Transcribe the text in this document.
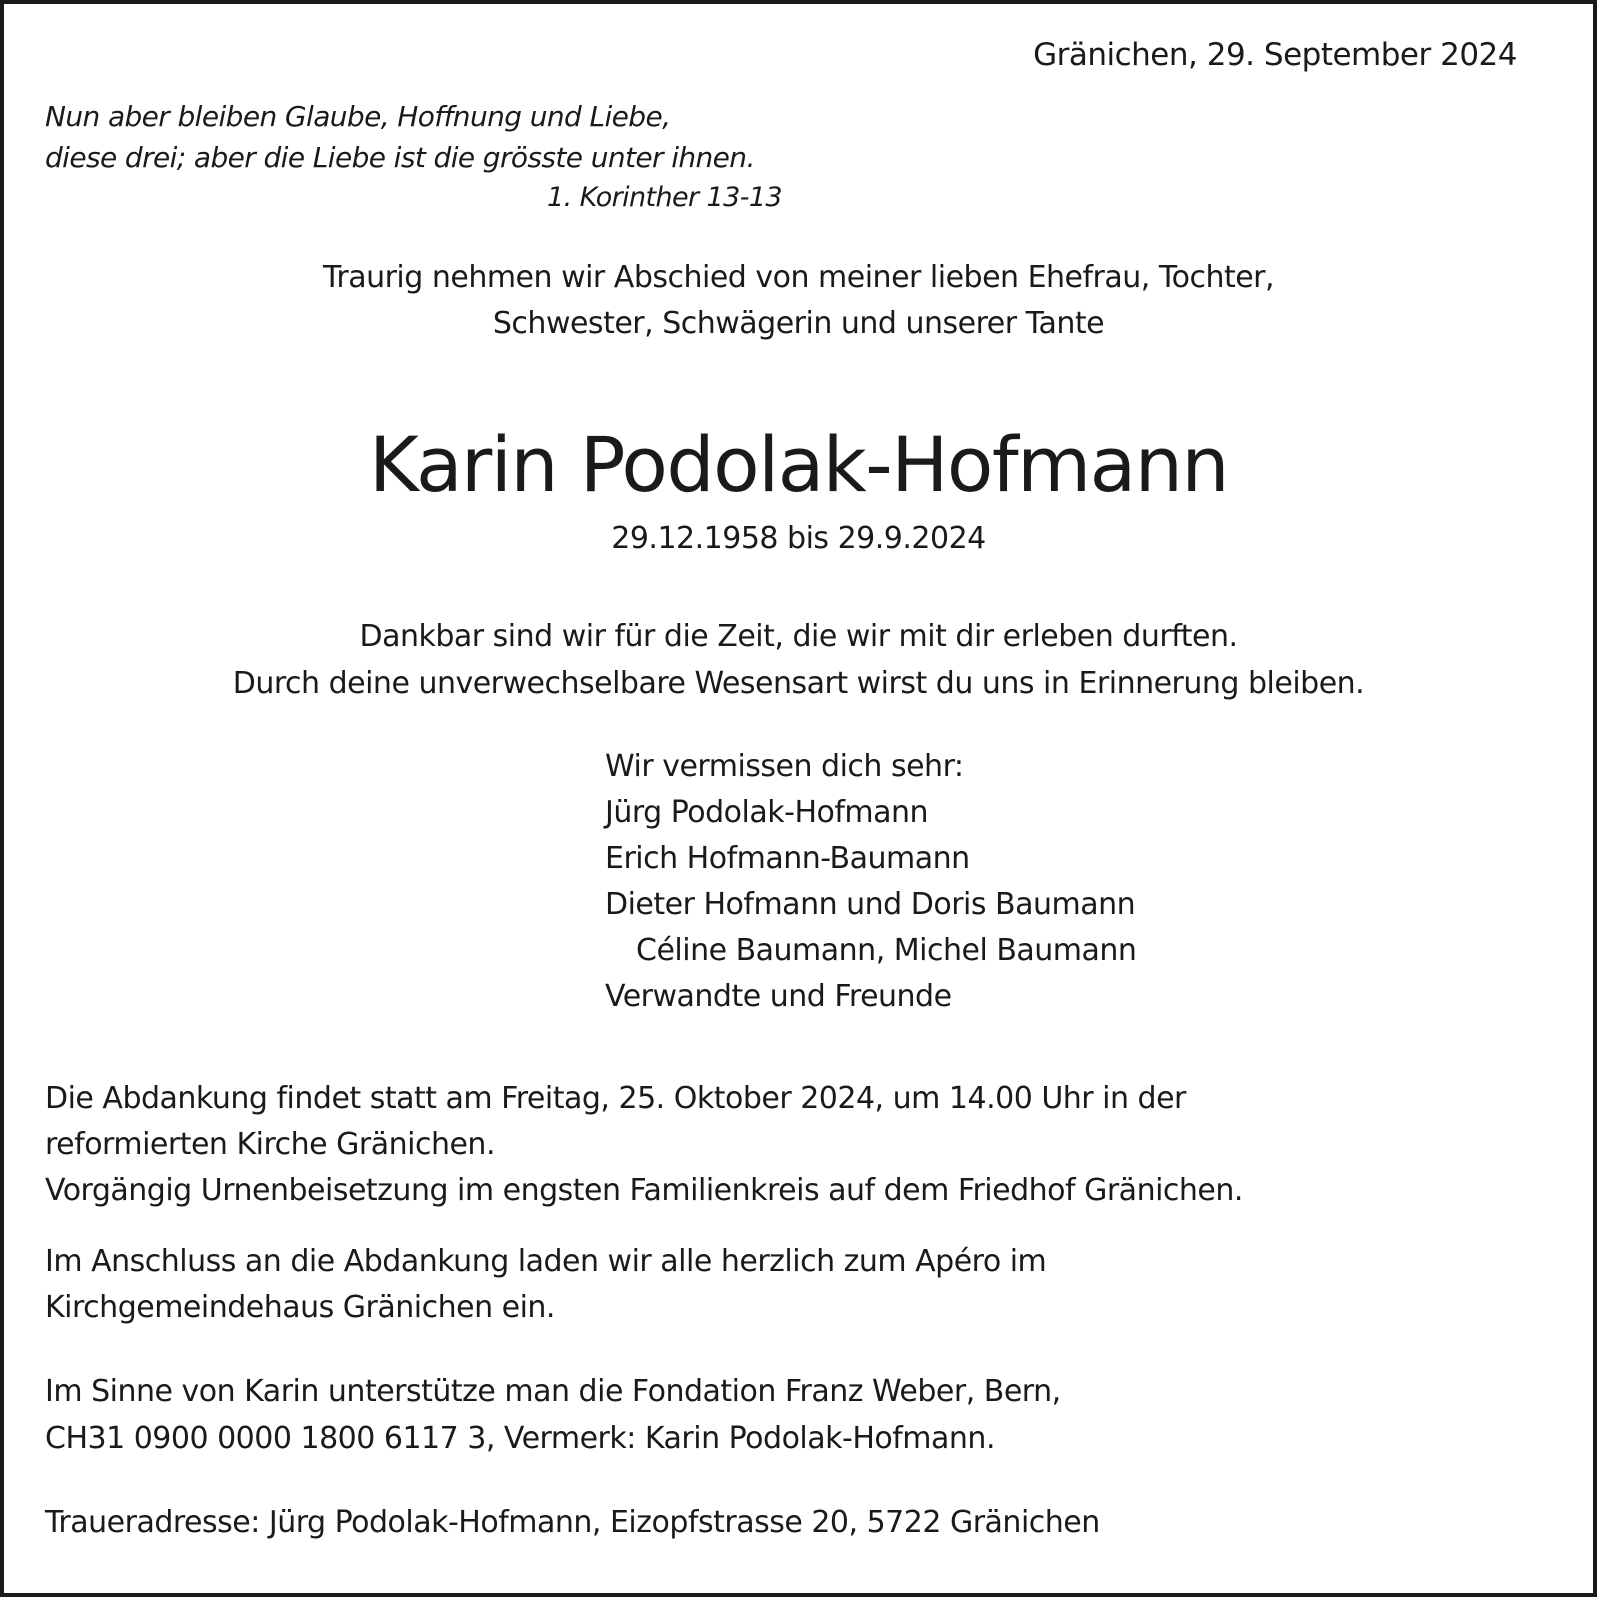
Gränichen, 29. September 2024
Nun aber bleiben Glaube, Hoffnung und Liebe,
diese drei; aber die Liebe ist die grösste unter ihnen.
1. Korinther 13-13
Traurig nehmen wir Abschied von meiner lieben Ehefrau, Tochter,
Schwester, Schwägerin und unserer Tante
Karin Podolak-Hofmann
29.12.1958 bis 29.9.2024
Dankbar sind wir für die Zeit, die wir mit dir erleben durften.
Durch deine unverwechselbare Wesensart wirst du uns in Erinnerung bleiben.
Wir vermissen dich sehr:
Jürg Podolak-Hofmann
Erich Hofmann-Baumann
Dieter Hofmann und Doris Baumann
Céline Baumann, Michel Baumann
Verwandte und Freunde
Die Abdankung findet statt am Freitag, 25. Oktober 2024, um 14.00 Uhr in der
reformierten Kirche Gränichen.
Vorgängig Urnenbeisetzung im engsten Familienkreis auf dem Friedhof Gränichen.
Im Anschluss an die Abdankung laden wir alle herzlich zum Apéro im
Kirchgemeindehaus Gränichen ein.
Im Sinne von Karin unterstütze man die Fondation Franz Weber, Bern,
CH31 0900 0000 1800 6117 3, Vermerk: Karin Podolak-Hofmann.
Traueradresse: Jürg Podolak-Hofmann, Eizopfstrasse 20, 5722 Gränichen
